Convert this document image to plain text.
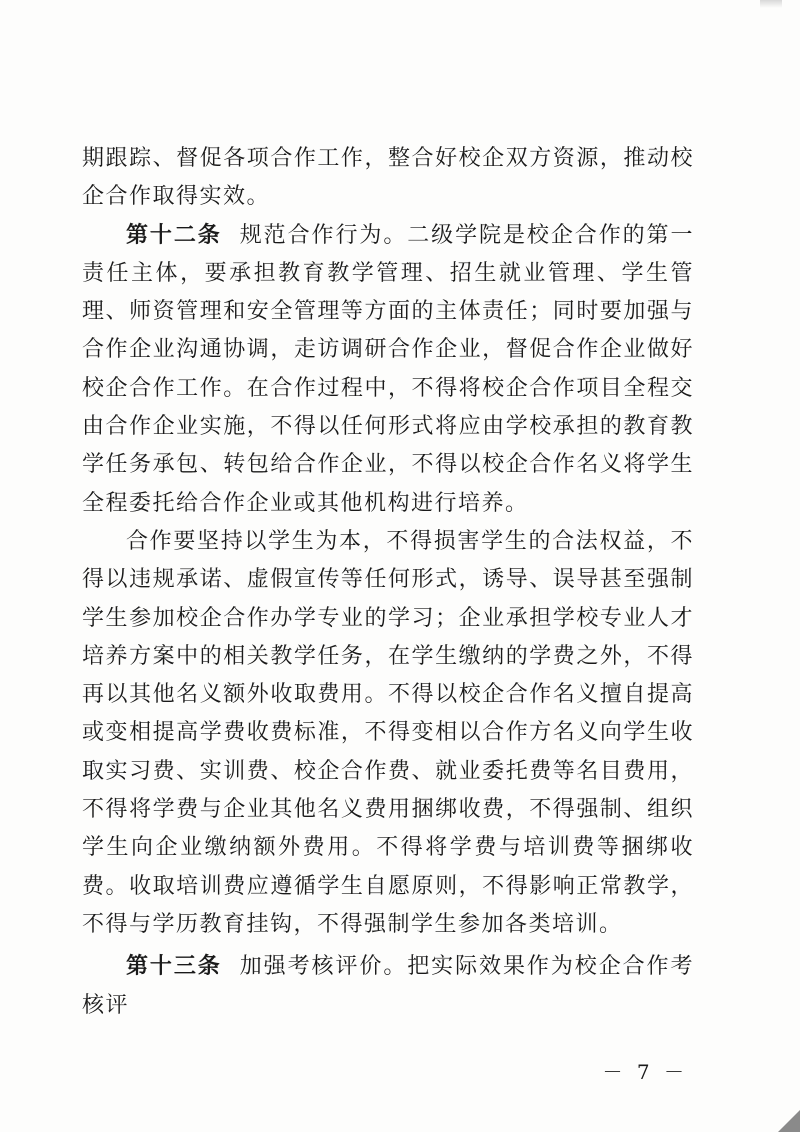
期跟踪、督促各项合作工作，整合好校企双方资源，推动校企合作取得实效。

第十二条 规范合作行为。二级学院是校企合作的第一责任主体，要承担教育教学管理、招生就业管理、学生管理、师资管理和安全管理等方面的主体责任；同时要加强与合作企业沟通协调，走访调研合作企业，督促合作企业做好校企合作工作。在合作过程中，不得将校企合作项目全程交由合作企业实施，不得以任何形式将应由学校承担的教育教学任务承包、转包给合作企业，不得以校企合作名义将学生全程委托给合作企业或其他机构进行培养。

合作要坚持以学生为本，不得损害学生的合法权益，不得以违规承诺、虚假宣传等任何形式，诱导、误导甚至强制学生参加校企合作办学专业的学习；企业承担学校专业人才培养方案中的相关教学任务，在学生缴纳的学费之外，不得再以其他名义额外收取费用。不得以校企合作名义擅自提高或变相提高学费收费标准，不得变相以合作方名义向学生收取实习费、实训费、校企合作费、就业委托费等名目费用，不得将学费与企业其他名义费用捆绑收费，不得强制、组织学生向企业缴纳额外费用。不得将学费与培训费等捆绑收费。收取培训费应遵循学生自愿原则，不得影响正常教学，不得与学历教育挂钩，不得强制学生参加各类培训。

第十三条 加强考核评价。把实际效果作为校企合作考核评

－ 7 －
